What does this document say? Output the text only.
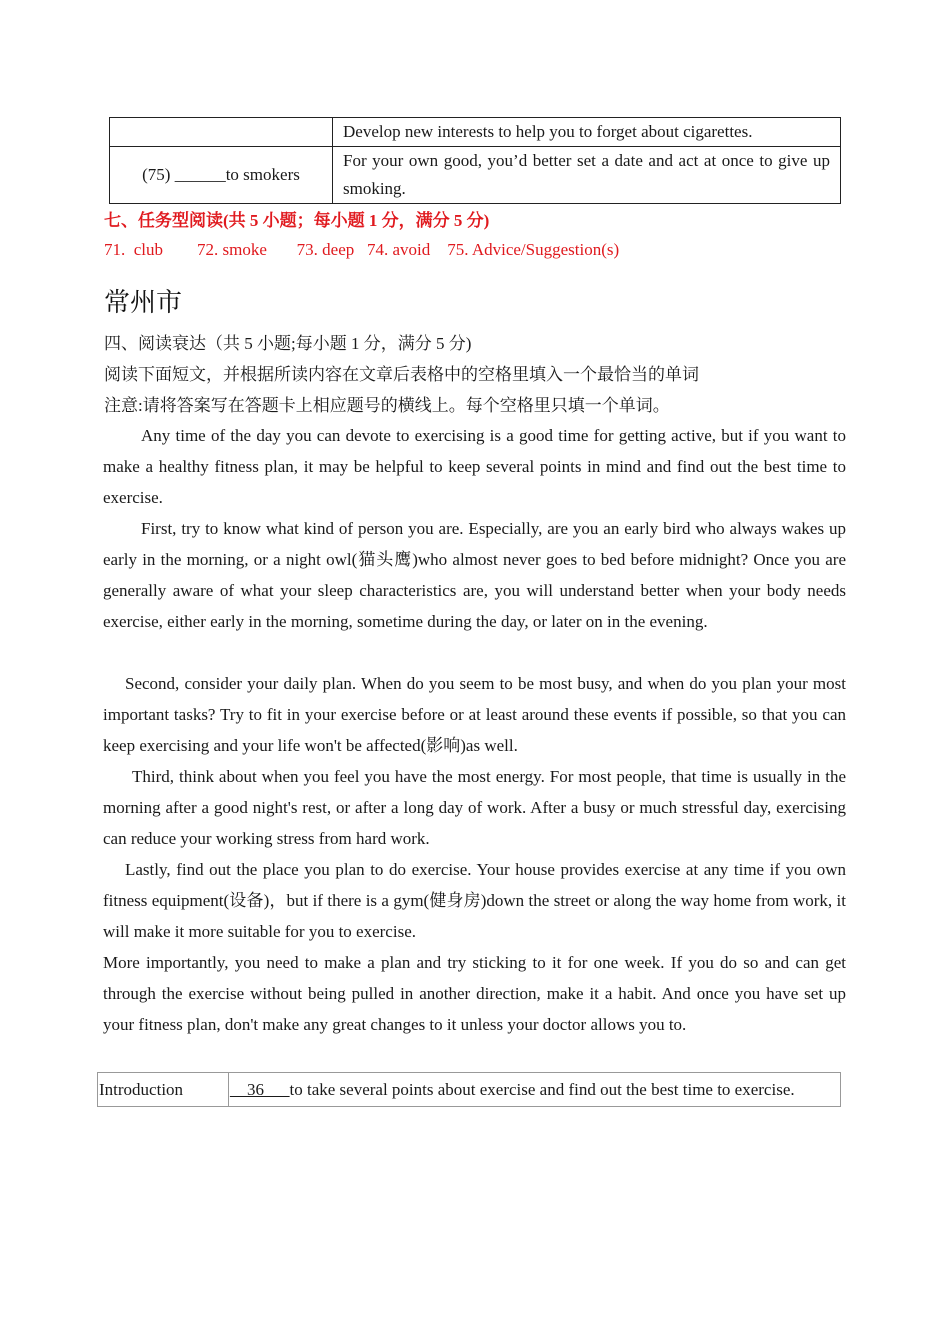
	Develop new interests to help you to forget about cigarettes.
(75) ______to smokers	For your own good, you’d better set a date and act at once to give up smoking.
七、任务型阅读(共 5 小题；每小题 1 分，满分 5 分)
71.  club        72. smoke       73. deep   74. avoid    75. Advice/Suggestion(s)
常州市
四、阅读衰达（共 5 小题;每小题 1 分，满分 5 分)
阅读下面短文，并根据所读内容在文章后表格中的空格里填入一个最恰当的单词
注意:请将答案写在答题卡上相应题号的横线上。每个空格里只填一个单词。
Any time of the day you can devote to exercising is a good time for getting active, but if you want to make a healthy fitness plan, it may be helpful to keep several points in mind and find out the best time to exercise.
First, try to know what kind of person you are. Especially, are you an early bird who always wakes up early in the morning, or a night owl(猫头鹰)who almost never goes to bed before midnight? Once you are generally aware of what your sleep characteristics are, you will understand better when your body needs exercise, either early in the morning, sometime during the day, or later on in the evening.
Second, consider your daily plan. When do you seem to be most busy, and when do you plan your most important tasks? Try to fit in your exercise before or at least around these events if possible, so that you can keep exercising and your life won't be affected(影响)as well.
Third, think about when you feel you have the most energy. For most people, that time is usually in the morning after a good night's rest, or after a long day of work. After a busy or much stressful day, exercising can reduce your working stress from hard work.
Lastly, find out the place you plan to do exercise. Your house provides exercise at any time if you own fitness equipment(设备)，but if there is a gym(健身房)down the street or along the way home from work, it will make it more suitable for you to exercise.
More importantly, you need to make a plan and try sticking to it for one week. If you do so and can get through the exercise without being pulled in another direction, make it a habit. And once you have set up your fitness plan, don't make any great changes to it unless your doctor allows you to.
Introduction	__36___to take several points about exercise and find out the best time to exercise.
